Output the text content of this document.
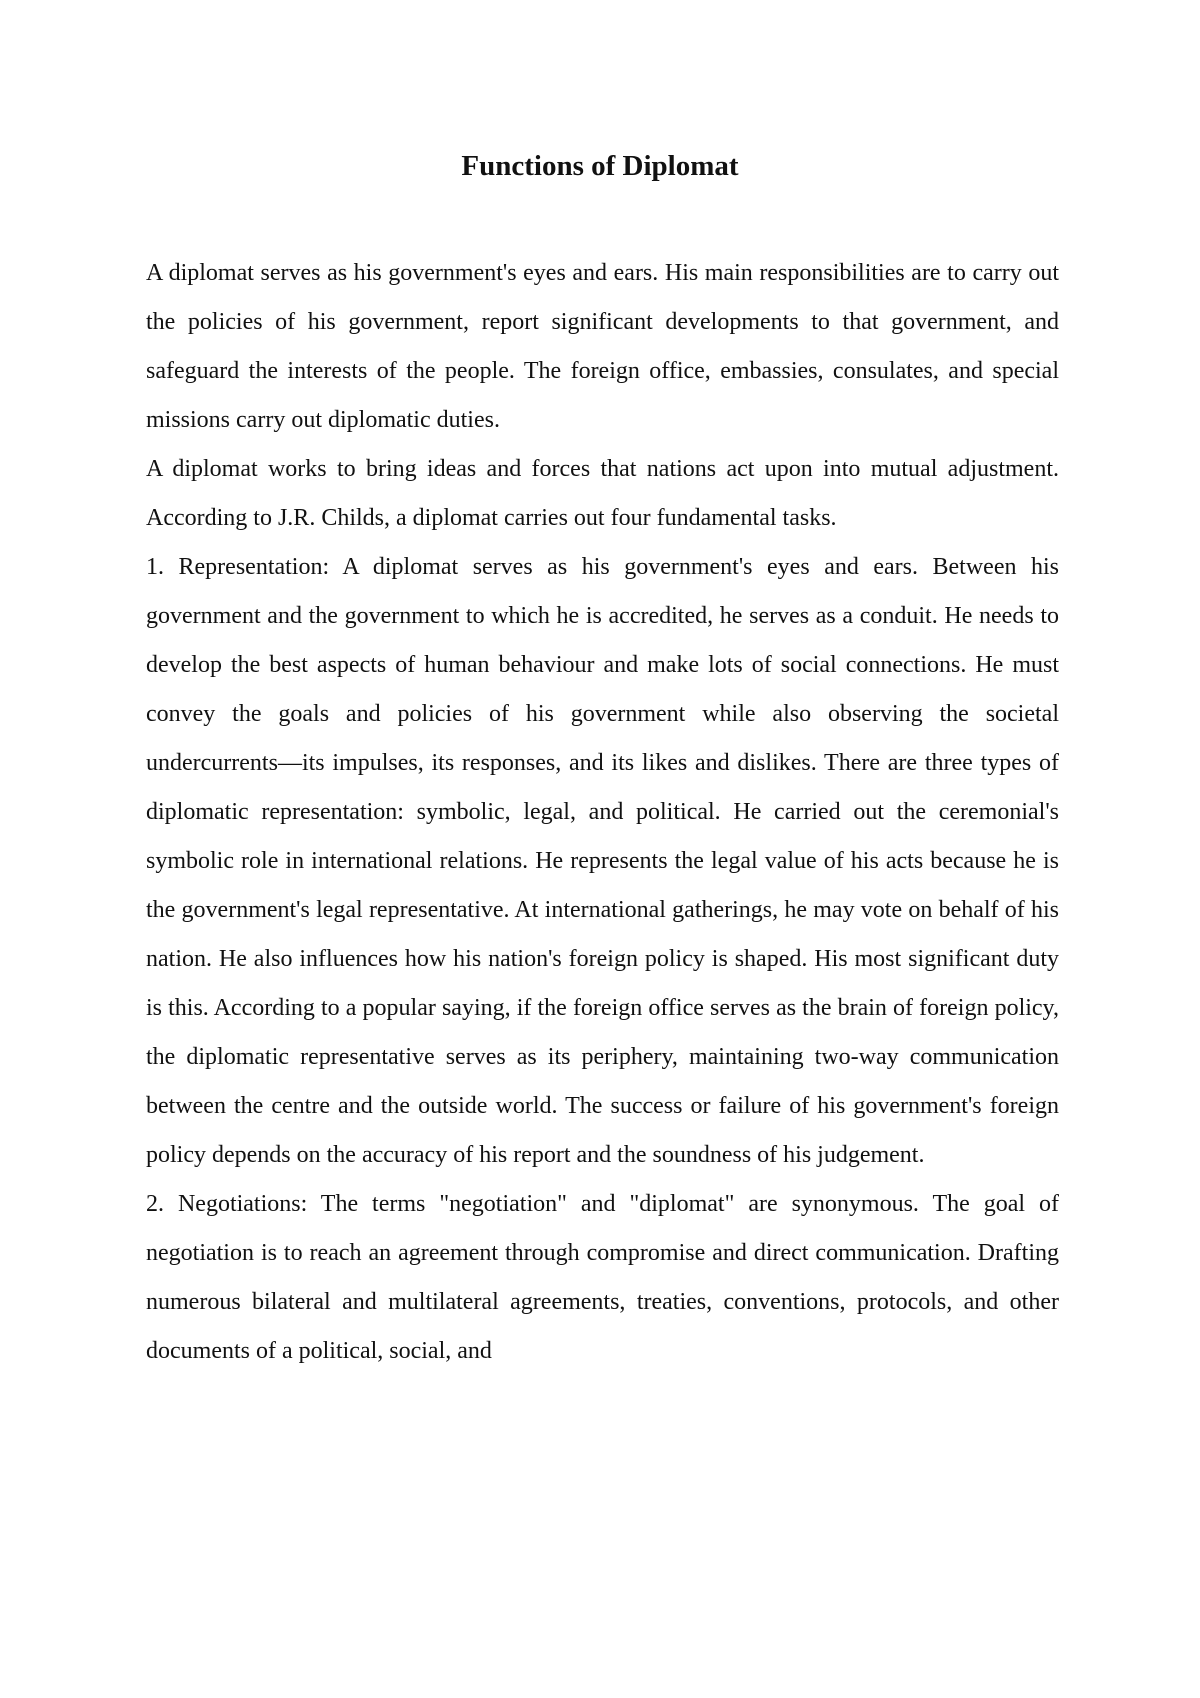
Functions of Diplomat

A diplomat serves as his government's eyes and ears. His main responsibilities are to carry out the policies of his government, report significant developments to that government, and safeguard the interests of the people. The foreign office, embassies, consulates, and special missions carry out diplomatic duties.

A diplomat works to bring ideas and forces that nations act upon into mutual adjustment. According to J.R. Childs, a diplomat carries out four fundamental tasks.

1. Representation: A diplomat serves as his government's eyes and ears. Between his government and the government to which he is accredited, he serves as a conduit. He needs to develop the best aspects of human behaviour and make lots of social connections. He must convey the goals and policies of his government while also observing the societal undercurrents—its impulses, its responses, and its likes and dislikes. There are three types of diplomatic representation: symbolic, legal, and political. He carried out the ceremonial's symbolic role in international relations. He represents the legal value of his acts because he is the government's legal representative. At international gatherings, he may vote on behalf of his nation. He also influences how his nation's foreign policy is shaped. His most significant duty is this. According to a popular saying, if the foreign office serves as the brain of foreign policy, the diplomatic representative serves as its periphery, maintaining two-way communication between the centre and the outside world. The success or failure of his government's foreign policy depends on the accuracy of his report and the soundness of his judgement.

2. Negotiations: The terms "negotiation" and "diplomat" are synonymous. The goal of negotiation is to reach an agreement through compromise and direct communication. Drafting numerous bilateral and multilateral agreements, treaties, conventions, protocols, and other documents of a political, social, and
